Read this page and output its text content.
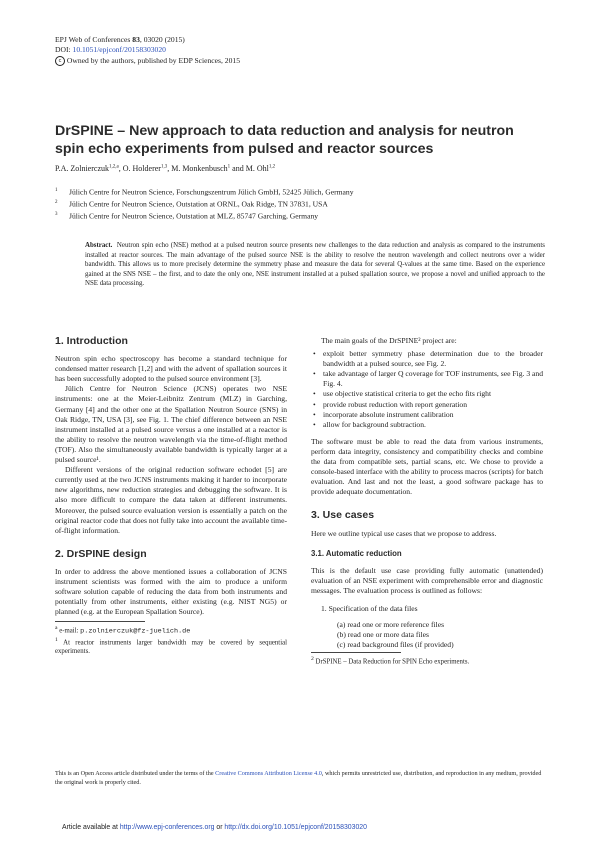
EPJ Web of Conferences 83, 03020 (2015)
DOI: 10.1051/epjconf/20158303020
c Owned by the authors, published by EDP Sciences, 2015
DrSPINE – New approach to data reduction and analysis for neutron spin echo experiments from pulsed and reactor sources
P.A. Zolnierczuk$^{1,2,a}$, O. Holderer$^{1,3}$, M. Monkenbusch$^1$ and M. Ohl$^{1,2}$
$^1$ Jülich Centre for Neutron Science, Forschungszentrum Jülich GmbH, 52425 Jülich, Germany
$^2$ Jülich Centre for Neutron Science, Outstation at ORNL, Oak Ridge, TN 37831, USA
$^3$ Jülich Centre for Neutron Science, Outstation at MLZ, 85747 Garching, Germany
Abstract. Neutron spin echo (NSE) method at a pulsed neutron source presents new challenges to the data reduction and analysis as compared to the instruments installed at reactor sources. The main advantage of the pulsed source NSE is the ability to resolve the neutron wavelength and collect neutrons over a wider bandwidth. This allows us to more precisely determine the symmetry phase and measure the data for several Q-values at the same time. Based on the experience gained at the SNS NSE – the first, and to date the only one, NSE instrument installed at a pulsed spallation source, we propose a novel and unified approach to the NSE data processing.
1. Introduction

Neutron spin echo spectroscopy has become a standard technique for condensed matter research [1,2] and with the advent of spallation sources it has been successfully adopted to the pulsed source environment [3].

Jülich Centre for Neutron Science (JCNS) operates two NSE instruments: one at the Meier-Leibnitz Zentrum (MLZ) in Garching, Germany [4] and the other one at the Spallation Neutron Source (SNS) in Oak Ridge, TN, USA [3], see Fig. 1. The chief difference between an NSE instrument installed at a pulsed source versus a one installed at a reactor is the ability to resolve the neutron wavelength via the time-of-flight method (TOF). Also the simultaneously available bandwidth is typically larger at a pulsed source¹.

Different versions of the original reduction software echodet [5] are currently used at the two JCNS instruments making it harder to incorporate new algorithms, new reduction strategies and debugging the software. It is also more difficult to compare the data taken at different instruments. Moreover, the pulsed source evaluation version is essentially a patch on the original reactor code that does not fully take into account the available time-of-flight information.

2. DrSPINE design

In order to address the above mentioned issues a collaboration of JCNS instrument scientists was formed with the aim to produce a uniform software solution capable of reducing the data from both instruments and potentially from other instruments, either existing (e.g. NIST NG5) or planned (e.g. at the European Spallation Source).

$^a$ e-mail: p.zolnierczuk@fz-juelich.de
$^1$ At reactor instruments larger bandwidth may be covered by sequential experiments.

The main goals of the DrSPINE² project are:

• exploit better symmetry phase determination due to the broader bandwidth at a pulsed source, see Fig. 2.
• take advantage of larger Q coverage for TOF instruments, see Fig. 3 and Fig. 4.
• use objective statistical criteria to get the echo fits right
• provide robust reduction with report generation
• incorporate absolute instrument calibration
• allow for background subtraction.

The software must be able to read the data from various instruments, perform data integrity, consistency and compatibility checks and combine the data from compatible sets, partial scans, etc. We chose to provide a console-based interface with the ability to process macros (scripts) for batch evaluation. And last and not the least, a good software package has to provide adequate documentation.

3. Use cases

Here we outline typical use cases that we propose to address.

3.1. Automatic reduction

This is the default use case providing fully automatic (unattended) evaluation of an NSE experiment with comprehensible error and diagnostic messages. The evaluation process is outlined as follows:

1. Specification of the data files
(a) read one or more reference files
(b) read one or more data files
(c) read background files (if provided)
$^2$ DrSPINE – Data Reduction for SPIN Echo experiments.
This is an Open Access article distributed under the terms of the Creative Commons Attribution License 4.0, which permits unrestricted use, distribution, and reproduction in any medium, provided the original work is properly cited.
Article available at http://www.epj-conferences.org or http://dx.doi.org/10.1051/epjconf/20158303020
